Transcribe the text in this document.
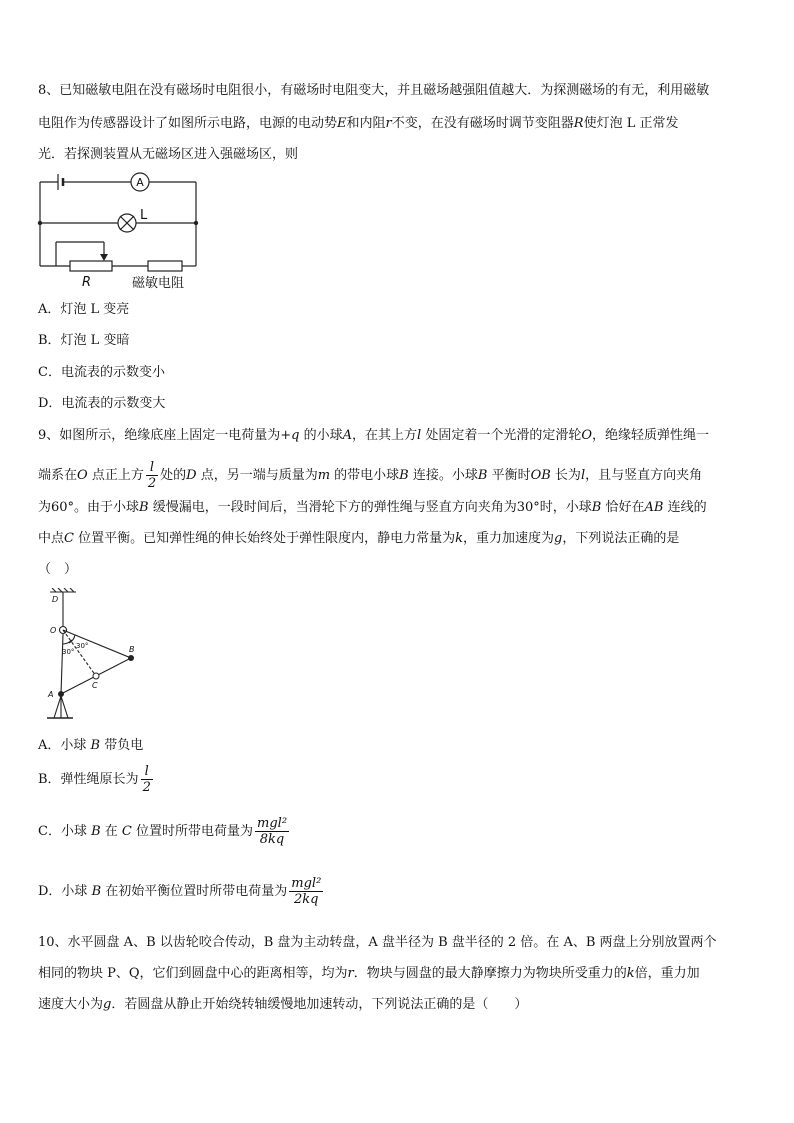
8、已知磁敏电阻在没有磁场时电阻很小，有磁场时电阻变大，并且磁场越强阻值越大．为探测磁场的有无，利用磁敏
电阻作为传感器设计了如图所示电路，电源的电动势E和内阻r不变，在没有磁场时调节变阻器R使灯泡 L 正常发
光．若探测装置从无磁场区进入强磁场区，则
A
L
R	磁敏电阻
A．灯泡 L 变亮
B．灯泡 L 变暗
C．电流表的示数变小
D．电流表的示数变大
9、如图所示，绝缘底座上固定一电荷量为+q 的小球A，在其上方l 处固定着一个光滑的定滑轮O，绝缘轻质弹性绳一
端系在O 点正上方 $\frac{l}{2}$ 处的D 点，另一端与质量为m 的带电小球B 连接。小球B 平衡时OB 长为l，且与竖直方向夹角
为60°。由于小球B 缓慢漏电，一段时间后，当滑轮下方的弹性绳与竖直方向夹角为30°时，小球B 恰好在AB 连线的
中点C 位置平衡。已知弹性绳的伸长始终处于弹性限度内，静电力常量为k，重力加速度为g，下列说法正确的是
（　）
D
O
B
C
A
30°
30°
A．小球 B 带负电
B．弹性绳原长为 $\frac{l}{2}$
C．小球 B 在 C 位置时所带电荷量为 $\frac{\text{mgl²}}{8kq}$
D．小球 B 在初始平衡位置时所带电荷量为 $\frac{\text{mgl²}}{2kq}$
10、水平圆盘 A、B 以齿轮咬合传动，B 盘为主动转盘，A 盘半径为 B 盘半径的 2 倍。在 A、B 两盘上分别放置两个
相同的物块 P、Q，它们到圆盘中心的距离相等，均为r．物块与圆盘的最大静摩擦力为物块所受重力的k倍，重力加
速度大小为g．若圆盘从静止开始绕转轴缓慢地加速转动，下列说法正确的是（　　）
